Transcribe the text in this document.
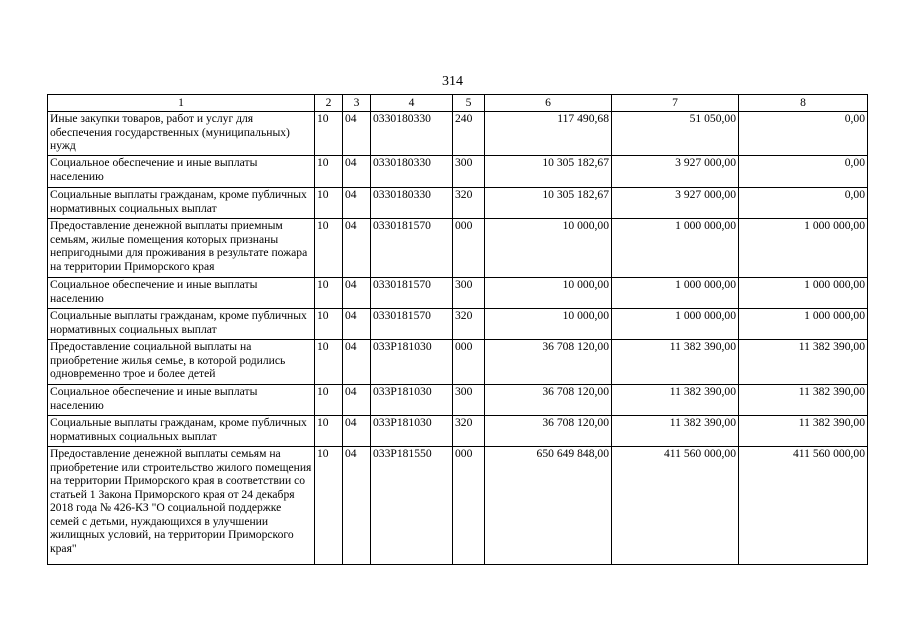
314
1	2	3	4	5	6	7	8
Иные закупки товаров, работ и услуг для обеспечения государственных (муниципальных) нужд	10	04	0330180330	240	117 490,68	51 050,00	0,00
Социальное обеспечение и иные выплаты населению	10	04	0330180330	300	10 305 182,67	3 927 000,00	0,00
Социальные выплаты гражданам, кроме публичных нормативных социальных выплат	10	04	0330180330	320	10 305 182,67	3 927 000,00	0,00
Предоставление денежной выплаты приемным семьям, жилые помещения которых признаны непригодными для проживания в результате пожара на территории Приморского края	10	04	0330181570	000	10 000,00	1 000 000,00	1 000 000,00
Социальное обеспечение и иные выплаты населению	10	04	0330181570	300	10 000,00	1 000 000,00	1 000 000,00
Социальные выплаты гражданам, кроме публичных нормативных социальных выплат	10	04	0330181570	320	10 000,00	1 000 000,00	1 000 000,00
Предоставление социальной выплаты на приобретение жилья семье, в которой родились одновременно трое и более детей	10	04	033P181030	000	36 708 120,00	11 382 390,00	11 382 390,00
Социальное обеспечение и иные выплаты населению	10	04	033P181030	300	36 708 120,00	11 382 390,00	11 382 390,00
Социальные выплаты гражданам, кроме публичных нормативных социальных выплат	10	04	033P181030	320	36 708 120,00	11 382 390,00	11 382 390,00
Предоставление денежной выплаты семьям на приобретение или строительство жилого помещения на территории Приморского края в соответствии со статьей 1 Закона Приморского края от 24 декабря 2018 года № 426-КЗ "О социальной поддержке семей с детьми, нуждающихся в улучшении жилищных условий, на территории Приморского края"	10	04	033P181550	000	650 649 848,00	411 560 000,00	411 560 000,00
